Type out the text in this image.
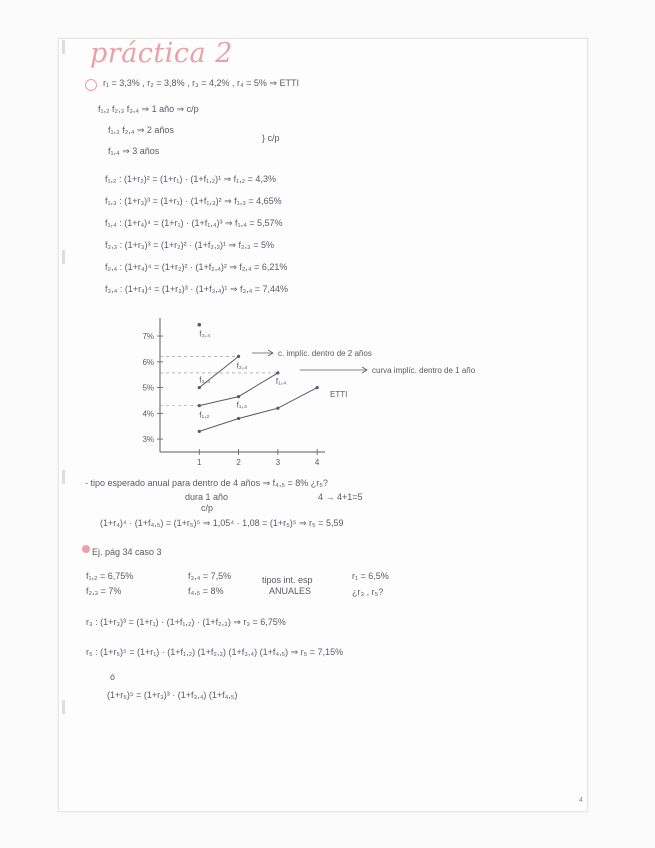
práctica 2
r₁ = 3,3% , r₂ = 3,8% , r₃ = 4,2% , r₄ = 5% ⇒ ETTI
f₁,₂ f₂,₃ f₃,₄ ⇒ 1 año ⇒ c/p
f₁,₃ f₂,₄ ⇒ 2 años
f₁,₄ ⇒ 3 años
} c/p
f₁,₂ : (1+r₂)² = (1+r₁) · (1+f₁,₂)¹ ⇒ f₁,₂ = 4,3%
f₁,₃ : (1+r₃)³ = (1+r₁) · (1+f₁,₃)² ⇒ f₁,₃ = 4,65%
f₁,₄ : (1+r₄)⁴ = (1+r₁) · (1+f₁,₄)³ ⇒ f₁,₄ = 5,57%
f₂,₃ : (1+r₃)³ = (1+r₂)² · (1+f₂,₃)¹ ⇒ f₂,₃ = 5%
f₂,₄ : (1+r₄)⁴ = (1+r₂)² · (1+f₂,₄)² ⇒ f₂,₄ = 6,21%
f₃,₄ : (1+r₄)⁴ = (1+r₃)³ · (1+f₃,₄)¹ ⇒ f₃,₄ = 7,44%
3%
4%
5%
6%
7%
1	2	3	4
f₁,₂
f₁,₃
f₁,₄
f₂,₃
f₂,₄
f₃,₄
c. implíc. dentro de 2 años
curva implíc. dentro de 1 año
ETTI
- tipo esperado anual para dentro de 4 años ⇒ f₄,₅ = 8% ¿r₅?
dura 1 año
c/p
4 → 4+1=5
(1+r₄)⁴ · (1+f₄,₅) = (1+r₅)⁵ ⇒ 1,05⁴ · 1,08 = (1+r₅)⁵ ⇒ r₅ = 5,59
Ej. pág 34 caso 3
f₁,₂ = 6,75%
f₂,₃ = 7%
f₃,₄ = 7,5%
f₄,₅ = 8%
tipos int. esp
ANUALES
r₁ = 6,5%
¿r₃ , r₅?
r₃ : (1+r₃)³ = (1+r₁) · (1+f₁,₂) · (1+f₂,₃) ⇒ r₃ = 6,75%
r₅ : (1+r₅)⁵ = (1+r₁) · (1+f₁,₂) (1+f₂,₃) (1+f₃,₄) (1+f₄,₅) ⇒ r₅ = 7,15%
ó
(1+r₅)⁵ = (1+r₃)³ · (1+f₃,₄) (1+f₄,₅)
4
